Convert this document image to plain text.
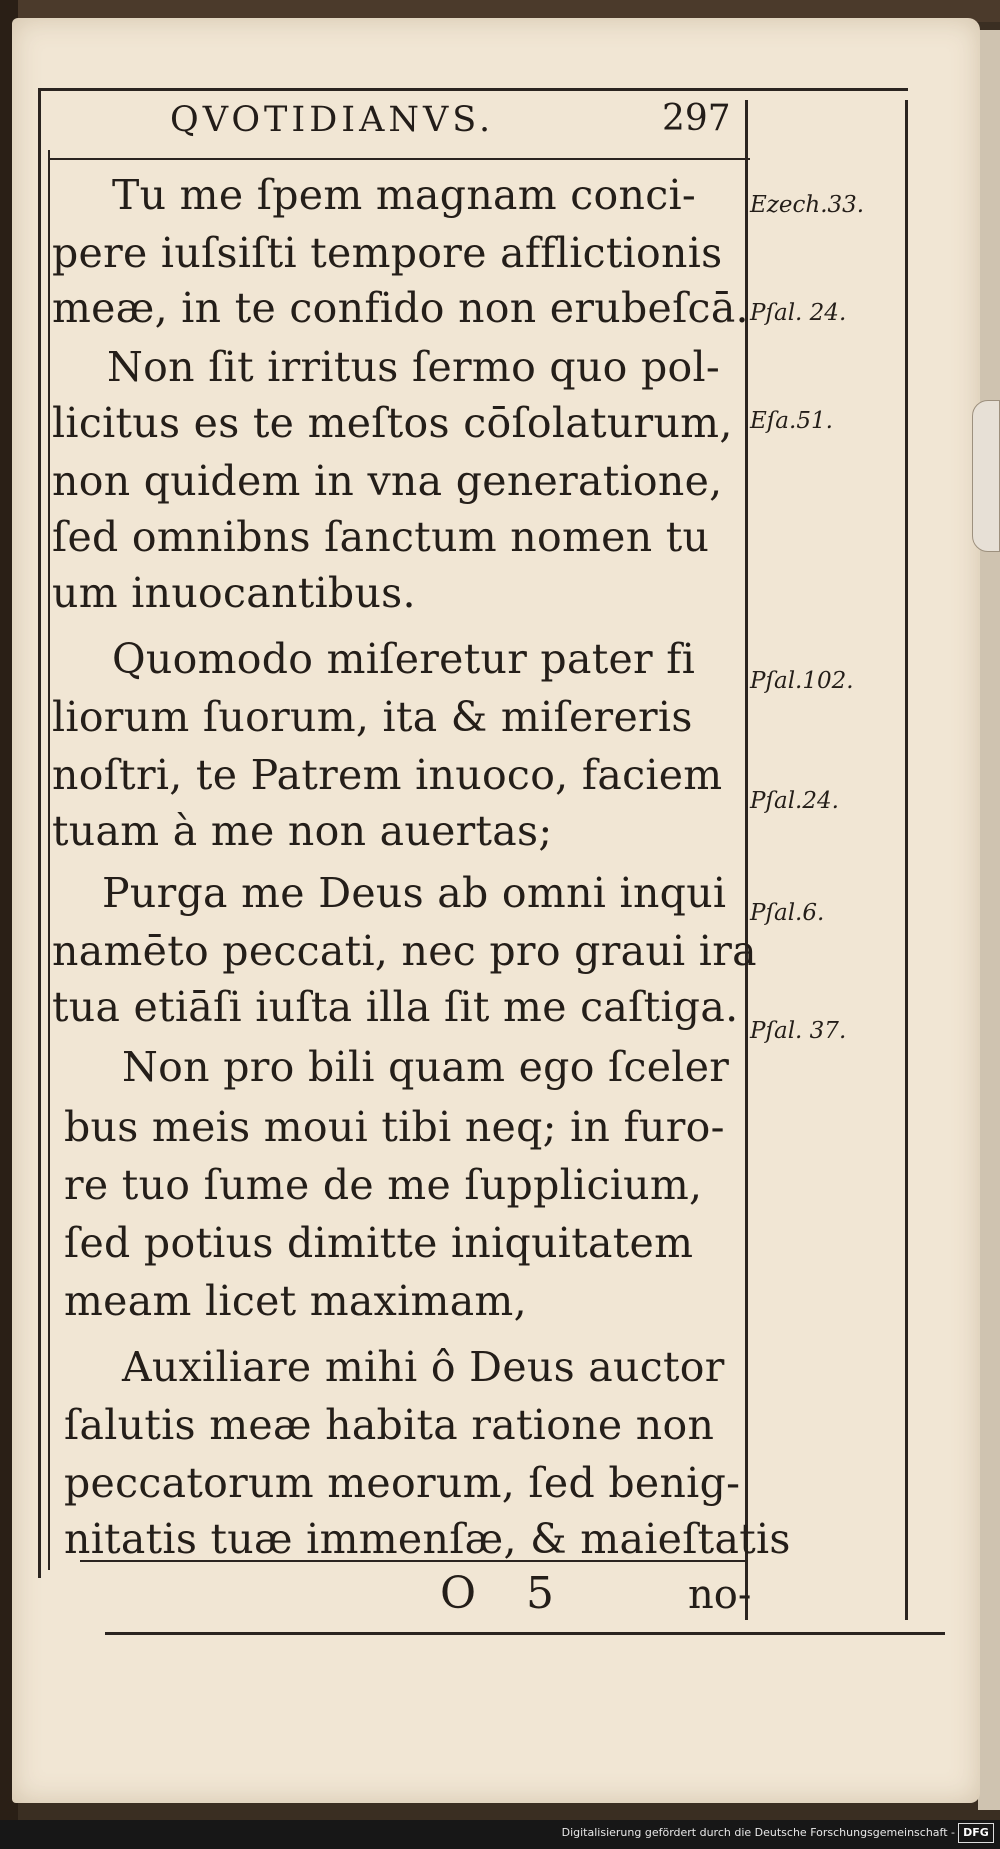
QVOTIDIANVS.	297
Tu me ſpem magnam conci-
pere iuſsiſti tempore afflictionis
meæ, in te confido non erubeſcā.
Non ſit irritus ſermo quo pol-
licitus es te meſtos cōſolaturum,
non quidem in vna generatione,
ſed omnibns ſanctum nomen tu
um inuocantibus.
Quomodo miſeretur pater fi
liorum ſuorum, ita & miſereris
noſtri, te Patrem inuoco, faciem
tuam à me non auertas;
Purga me Deus ab omni inqui
namēto peccati, nec pro graui ira
tua etiāſi iuſta illa ſit me caſtiga.
Non pro bili quam ego ſceler
bus meis moui tibi neq; in furo-
re tuo ſume de me ſupplicium,
ſed potius dimitte iniquitatem
meam licet maximam,
Auxiliare mihi ô Deus auctor
ſalutis meæ habita ratione non
peccatorum meorum, ſed benig-
nitatis tuæ immenſæ, & maieſtatis
Ezech.33.
Pſal. 24.
Eſa.51.
Pſal.102.
Pſal.24.
Pſal.6.
Pſal. 37.
O 5	no-
Digitalisierung gefördert durch die Deutsche Forschungsgemeinschaft - DFG
